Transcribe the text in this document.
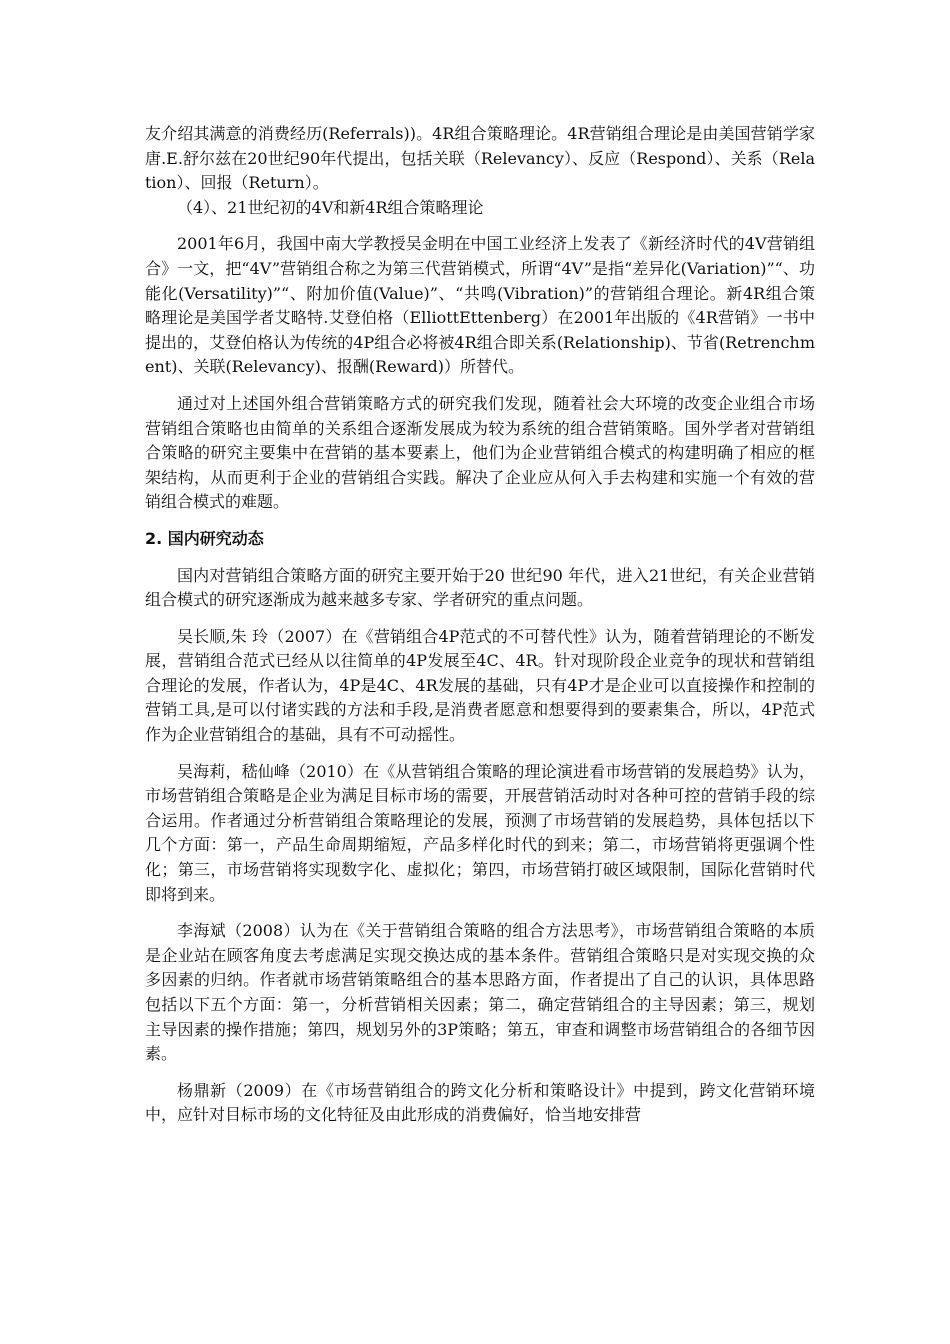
友介绍其满意的消费经历(Referrals))。4R组合策略理论。4R营销组合理论是由美国营销学家唐.E.舒尔兹在20世纪90年代提出，包括关联（Relevancy）、反应（Respond）、关系（Relation）、回报（Return）。

（4）、21世纪初的4V和新4R组合策略理论

2001年6月，我国中南大学教授吴金明在中国工业经济上发表了《新经济时代的4V营销组合》一文，把“4V”营销组合称之为第三代营销模式，所谓“4V”是指“差异化(Variation)”“、功能化(Versatility)”“、附加价值(Value)”、“共鸣(Vibration)”的营销组合理论。新4R组合策略理论是美国学者艾略特.艾登伯格（ElliottEttenberg）在2001年出版的《4R营销》一书中提出的，艾登伯格认为传统的4P组合必将被4R组合即关系(Relationship)、节省(Retrenchment)、关联(Relevancy)、报酬(Reward)）所替代。

通过对上述国外组合营销策略方式的研究我们发现，随着社会大环境的改变企业组合市场营销组合策略也由简单的关系组合逐渐发展成为较为系统的组合营销策略。国外学者对营销组合策略的研究主要集中在营销的基本要素上，他们为企业营销组合模式的构建明确了相应的框架结构，从而更利于企业的营销组合实践。解决了企业应从何入手去构建和实施一个有效的营销组合模式的难题。

2. 国内研究动态

国内对营销组合策略方面的研究主要开始于20 世纪90 年代，进入21世纪，有关企业营销组合模式的研究逐渐成为越来越多专家、学者研究的重点问题。

吴长顺,朱 玲（2007）在《营销组合4P范式的不可替代性》认为，随着营销理论的不断发展，营销组合范式已经从以往简单的4P发展至4C、4R。针对现阶段企业竞争的现状和营销组合理论的发展，作者认为，4P是4C、4R发展的基础，只有4P才是企业可以直接操作和控制的营销工具,是可以付诸实践的方法和手段,是消费者愿意和想要得到的要素集合，所以，4P范式作为企业营销组合的基础，具有不可动摇性。

吴海莉，嵇仙峰（2010）在《从营销组合策略的理论演进看市场营销的发展趋势》认为，市场营销组合策略是企业为满足目标市场的需要，开展营销活动时对各种可控的营销手段的综合运用。作者通过分析营销组合策略理论的发展，预测了市场营销的发展趋势，具体包括以下几个方面：第一，产品生命周期缩短，产品多样化时代的到来；第二，市场营销将更强调个性化；第三，市场营销将实现数字化、虚拟化；第四，市场营销打破区域限制，国际化营销时代即将到来。

李海斌（2008）认为在《关于营销组合策略的组合方法思考》，市场营销组合策略的本质是企业站在顾客角度去考虑满足实现交换达成的基本条件。营销组合策略只是对实现交换的众多因素的归纳。作者就市场营销策略组合的基本思路方面，作者提出了自己的认识，具体思路包括以下五个方面：第一，分析营销相关因素；第二，确定营销组合的主导因素；第三，规划主导因素的操作措施；第四，规划另外的3P策略；第五，审查和调整市场营销组合的各细节因素。

杨鼎新（2009）在《市场营销组合的跨文化分析和策略设计》中提到，跨文化营销环境中，应针对目标市场的文化特征及由此形成的消费偏好，恰当地安排营
